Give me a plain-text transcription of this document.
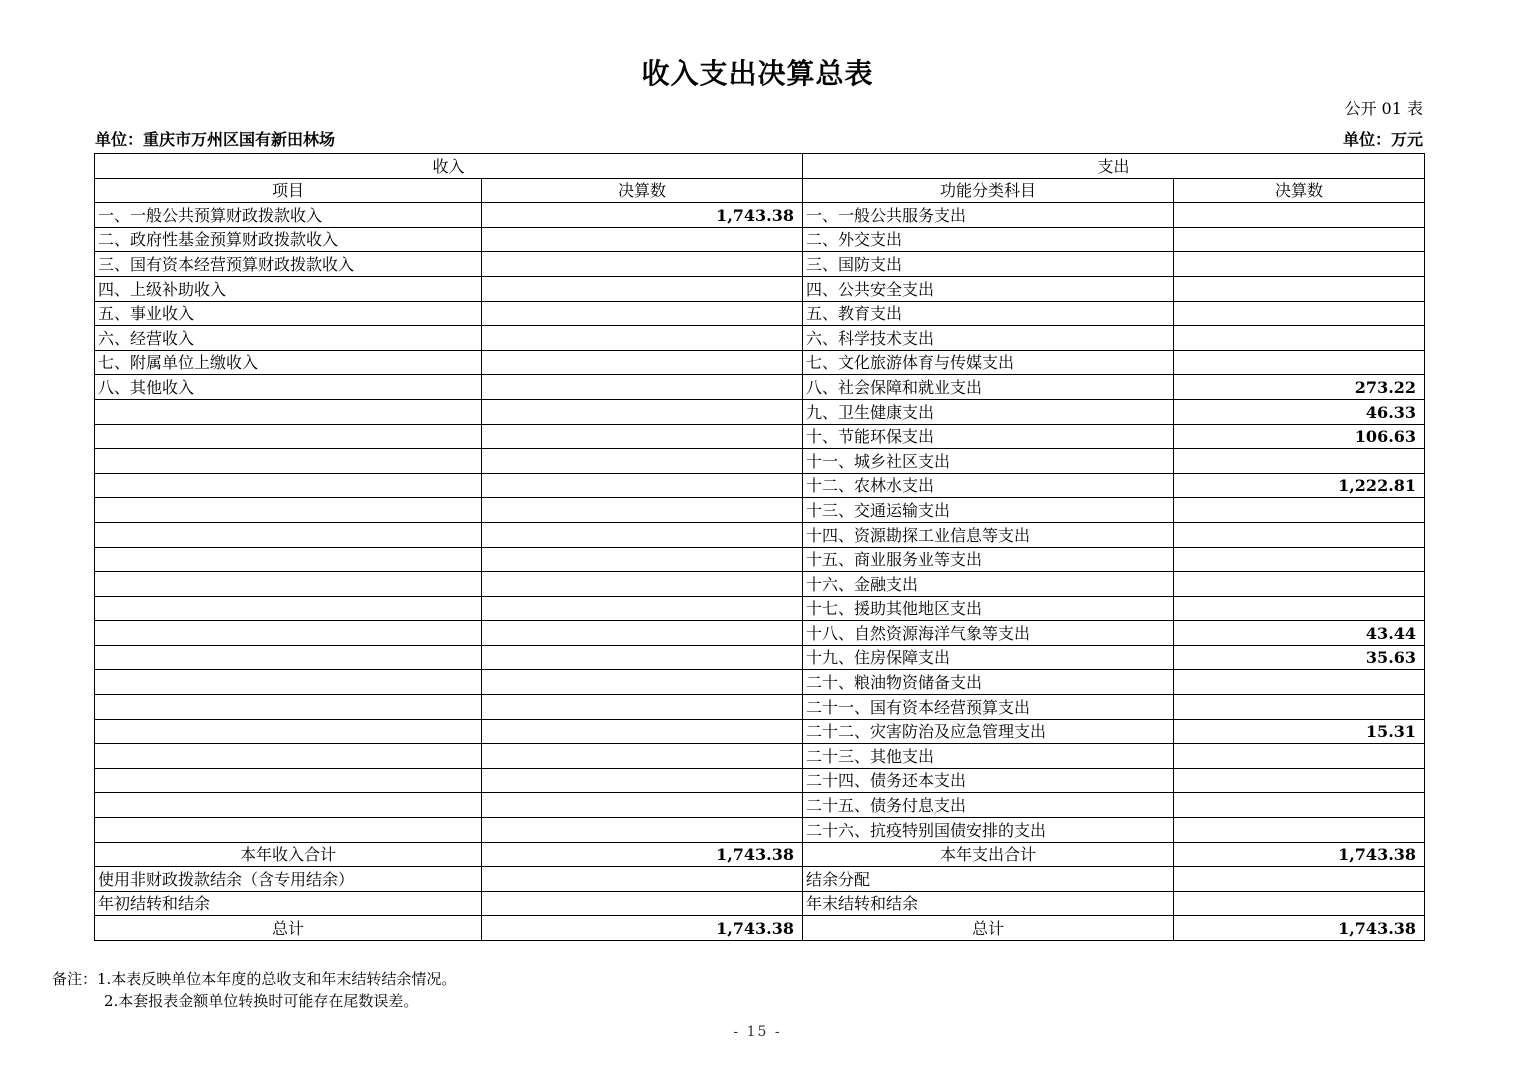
收入支出决算总表
公开 01 表
单位：重庆市万州区国有新田林场	单位：万元
收入		支出	
项目	决算数	功能分类科目	决算数
一、一般公共预算财政拨款收入	1,743.38	一、一般公共服务支出	
二、政府性基金预算财政拨款收入		二、外交支出	
三、国有资本经营预算财政拨款收入		三、国防支出	
四、上级补助收入		四、公共安全支出	
五、事业收入		五、教育支出	
六、经营收入		六、科学技术支出	
七、附属单位上缴收入		七、文化旅游体育与传媒支出	
八、其他收入		八、社会保障和就业支出	273.22
		九、卫生健康支出	46.33
		十、节能环保支出	106.63
		十一、城乡社区支出	
		十二、农林水支出	1,222.81
		十三、交通运输支出	
		十四、资源勘探工业信息等支出	
		十五、商业服务业等支出	
		十六、金融支出	
		十七、援助其他地区支出	
		十八、自然资源海洋气象等支出	43.44
		十九、住房保障支出	35.63
		二十、粮油物资储备支出	
		二十一、国有资本经营预算支出	
		二十二、灾害防治及应急管理支出	15.31
		二十三、其他支出	
		二十四、债务还本支出	
		二十五、债务付息支出	
		二十六、抗疫特别国债安排的支出	
本年收入合计	1,743.38	本年支出合计	1,743.38
使用非财政拨款结余（含专用结余）		结余分配	
年初结转和结余		年末结转和结余	
总计	1,743.38	总计	1,743.38
备注：1.本表反映单位本年度的总收支和年末结转结余情况。
2.本套报表金额单位转换时可能存在尾数误差。
- 15 -
